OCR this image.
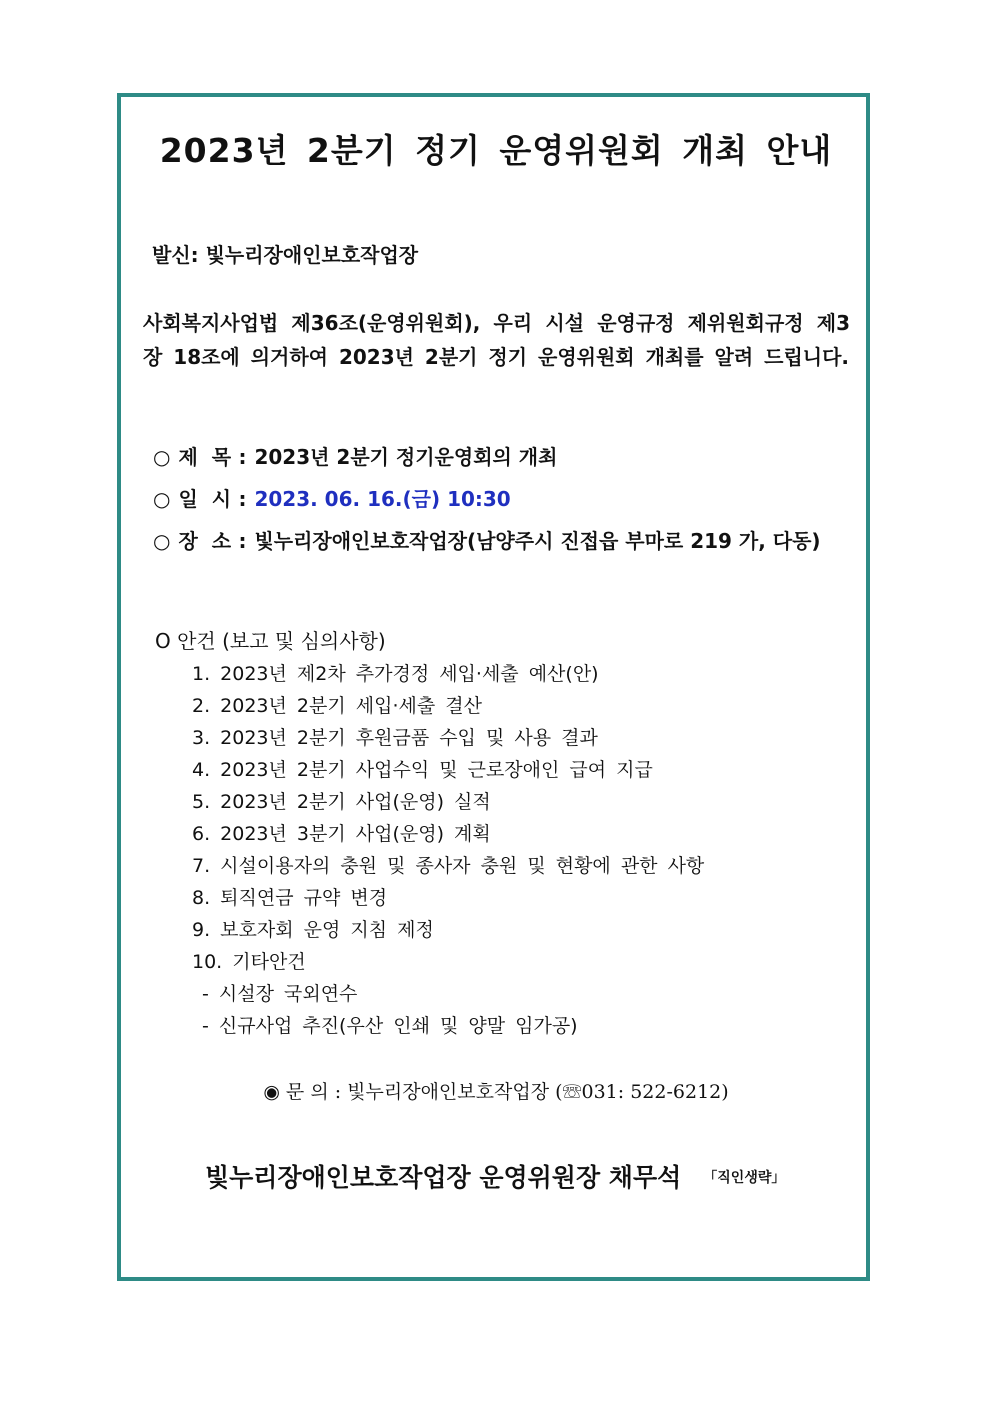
2023년 2분기 정기 운영위원회 개최 안내
발신: 빛누리장애인보호작업장
사회복지사업법 제36조(운영위원회), 우리 시설 운영규정 제위원회규정 제3장 18조에 의거하여 2023년 2분기 정기 운영위원회 개최를 알려 드립니다.
○ 제  목 : 2023년 2분기 정기운영회의 개최
○ 일  시 : 2023. 06. 16.(금) 10:30
○ 장  소 : 빛누리장애인보호작업장(남양주시 진접읍 부마로 219 가, 다동)
O 안건 (보고 및 심의사항)
1. 2023년 제2차 추가경정 세입·세출 예산(안)
2. 2023년 2분기 세입·세출 결산
3. 2023년 2분기 후원금품 수입 및 사용 결과
4. 2023년 2분기 사업수익 및 근로장애인 급여 지급
5. 2023년 2분기 사업(운영) 실적
6. 2023년 3분기 사업(운영) 계획
7. 시설이용자의 충원 및 종사자 충원 및 현황에 관한 사항
8. 퇴직연금 규약 변경
9. 보호자회 운영 지침 제정
10. 기타안건
- 시설장 국외연수
- 신규사업 추진(우산 인쇄 및 양말 임가공)
◉ 문 의 : 빛누리장애인보호작업장 (☏031: 522-6212)
빛누리장애인보호작업장 운영위원장 채무석 「직인생략」
